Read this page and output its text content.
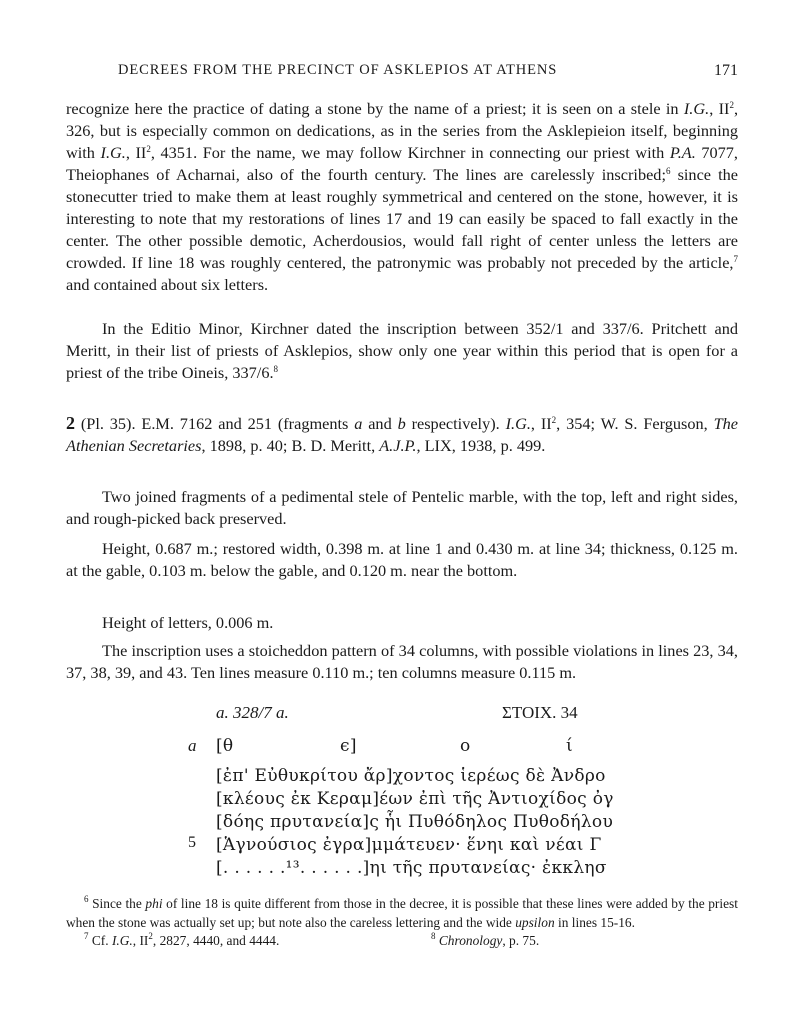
DECREES FROM THE PRECINCT OF ASKLEPIOS AT ATHENS	171

recognize here the practice of dating a stone by the name of a priest; it is seen on a stele in I.G., $II^2$, 326, but is especially common on dedications, as in the series from the Asklepieion itself, beginning with I.G., $II^2$, 4351. For the name, we may follow Kirchner in connecting our priest with P.A. 7077, Theiophanes of Acharnai, also of the fourth century. The lines are carelessly inscribed;$^6$ since the stonecutter tried to make them at least roughly symmetrical and centered on the stone, however, it is interesting to note that my restorations of lines 17 and 19 can easily be spaced to fall exactly in the center. The other possible demotic, Acherdousios, would fall right of center unless the letters are crowded. If line 18 was roughly centered, the patronymic was probably not preceded by the article,$^7$ and contained about six letters.

In the Editio Minor, Kirchner dated the inscription between 352/1 and 337/6. Pritchett and Meritt, in their list of priests of Asklepios, show only one year within this period that is open for a priest of the tribe Oineis, 337/6.$^8$

2 (Pl. 35). E.M. 7162 and 251 (fragments a and b respectively). I.G., $II^2$, 354; W. S. Ferguson, The Athenian Secretaries, 1898, p. 40; B. D. Meritt, A.J.P., LIX, 1938, p. 499.

Two joined fragments of a pedimental stele of Pentelic marble, with the top, left and right sides, and rough-picked back preserved.

Height, 0.687 m.; restored width, 0.398 m. at line 1 and 0.430 m. at line 34; thickness, 0.125 m. at the gable, 0.103 m. below the gable, and 0.120 m. near the bottom.

Height of letters, 0.006 m.

The inscription uses a stoicheddon pattern of 34 columns, with possible violations in lines 23, 34, 37, 38, 39, and 43. Ten lines measure 0.110 m.; ten columns measure 0.115 m.

a. 328/7 a.	ΣΤΟΙΧ. 34
a [θ	ϵ]	ο	ί
[ἐπ' Εὐθυκρίτου ἄρ]χοντος ἱερέως δὲ Ἀνδρο
[κλέους ἐκ Κεραμ]έων ἐπὶ τῆς Ἀντιοχίδος ὀγ
[δόης πρυτανεία]ς ἧι Πυθόδηλος Πυθοδήλου
5 [Ἁγνούσιος ἐγρα]μμάτευεν· ἕνηι καὶ νέαι Γ
[. . . . . .¹³. . . . . .]ηι τῆς πρυτανείας· ἐκκλησ

$^6$ Since the phi of line 18 is quite different from those in the decree, it is possible that these lines were added by the priest when the stone was actually set up; but note also the careless lettering and the wide upsilon in lines 15-16.

$^7$ Cf. I.G., $II^2$, 2827, 4440, and 4444.	$^8$ Chronology, p. 75.
